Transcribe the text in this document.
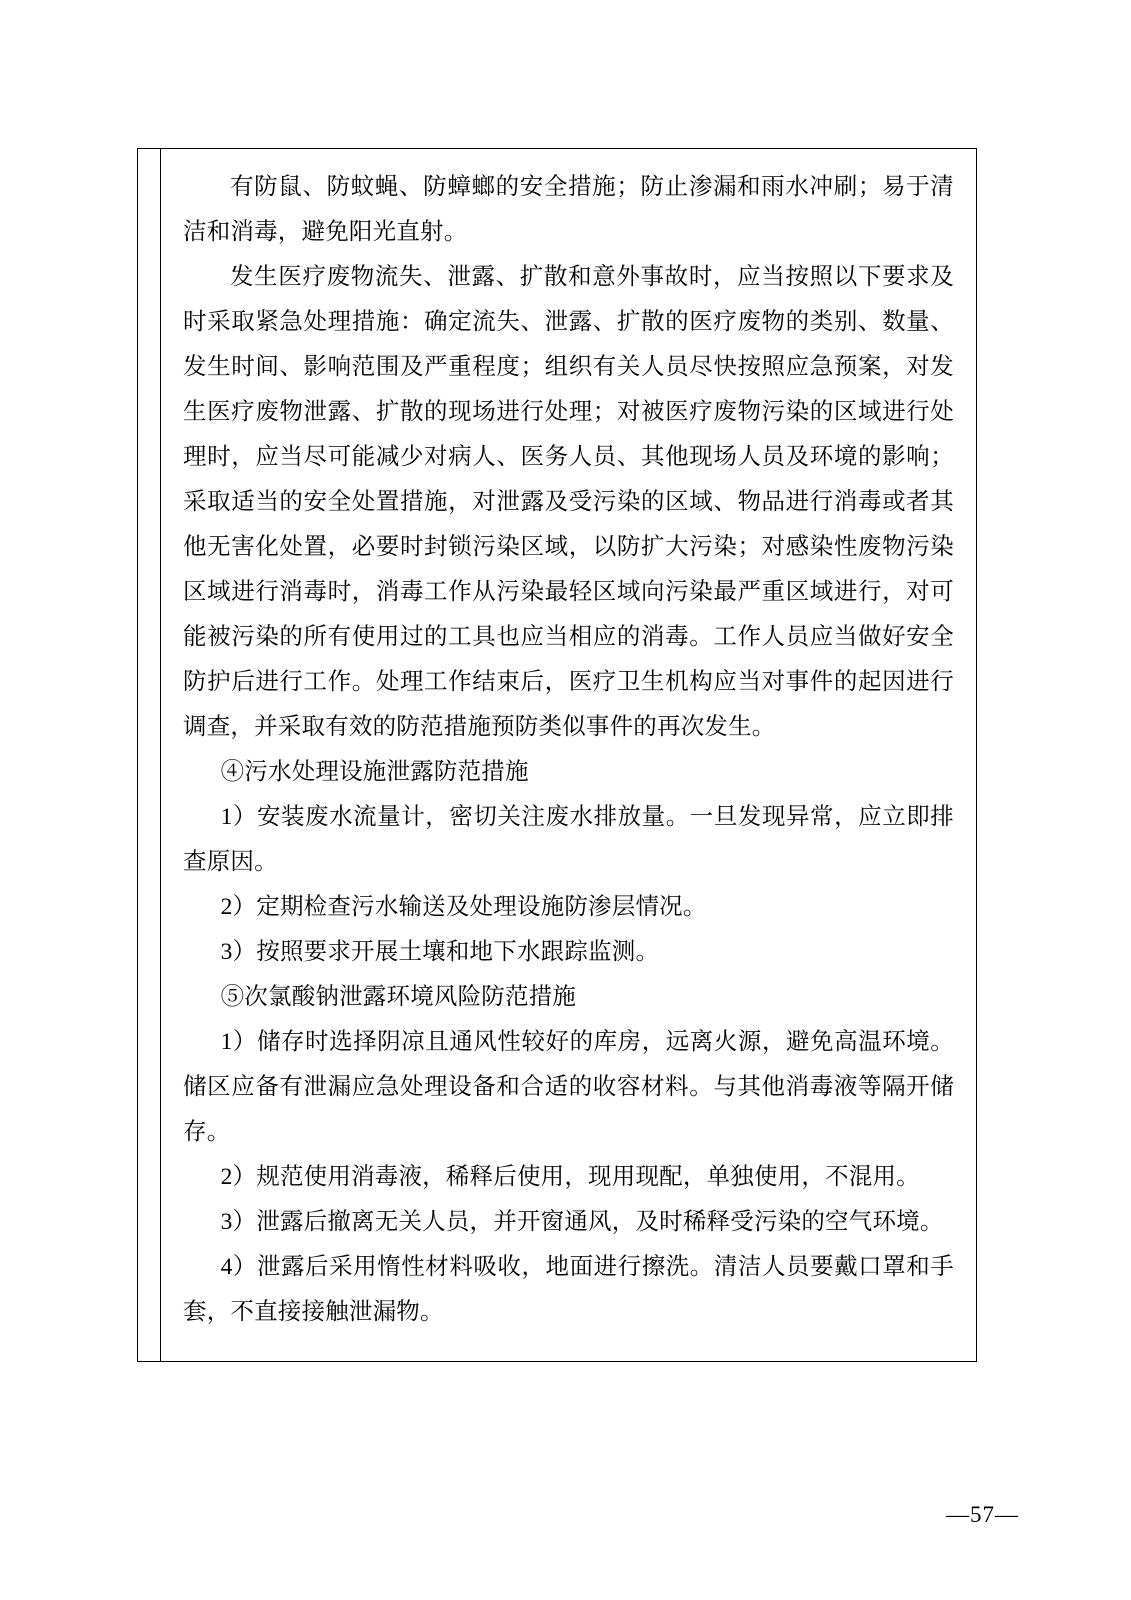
有防鼠、防蚊蝇、防蟑螂的安全措施；防止渗漏和雨水冲刷；易于清洁和消毒，避免阳光直射。

发生医疗废物流失、泄露、扩散和意外事故时，应当按照以下要求及时采取紧急处理措施：确定流失、泄露、扩散的医疗废物的类别、数量、发生时间、影响范围及严重程度；组织有关人员尽快按照应急预案，对发生医疗废物泄露、扩散的现场进行处理；对被医疗废物污染的区域进行处理时，应当尽可能减少对病人、医务人员、其他现场人员及环境的影响；采取适当的安全处置措施，对泄露及受污染的区域、物品进行消毒或者其他无害化处置，必要时封锁污染区域，以防扩大污染；对感染性废物污染区域进行消毒时，消毒工作从污染最轻区域向污染最严重区域进行，对可能被污染的所有使用过的工具也应当相应的消毒。工作人员应当做好安全防护后进行工作。处理工作结束后，医疗卫生机构应当对事件的起因进行调查，并采取有效的防范措施预防类似事件的再次发生。

④污水处理设施泄露防范措施

1）安装废水流量计，密切关注废水排放量。一旦发现异常，应立即排查原因。

2）定期检查污水输送及处理设施防渗层情况。

3）按照要求开展土壤和地下水跟踪监测。

⑤次氯酸钠泄露环境风险防范措施

1）储存时选择阴凉且通风性较好的库房，远离火源，避免高温环境。储区应备有泄漏应急处理设备和合适的收容材料。与其他消毒液等隔开储存。

2）规范使用消毒液，稀释后使用，现用现配，单独使用，不混用。

3）泄露后撤离无关人员，并开窗通风，及时稀释受污染的空气环境。

4）泄露后采用惰性材料吸收，地面进行擦洗。清洁人员要戴口罩和手套，不直接接触泄漏物。

—57—
